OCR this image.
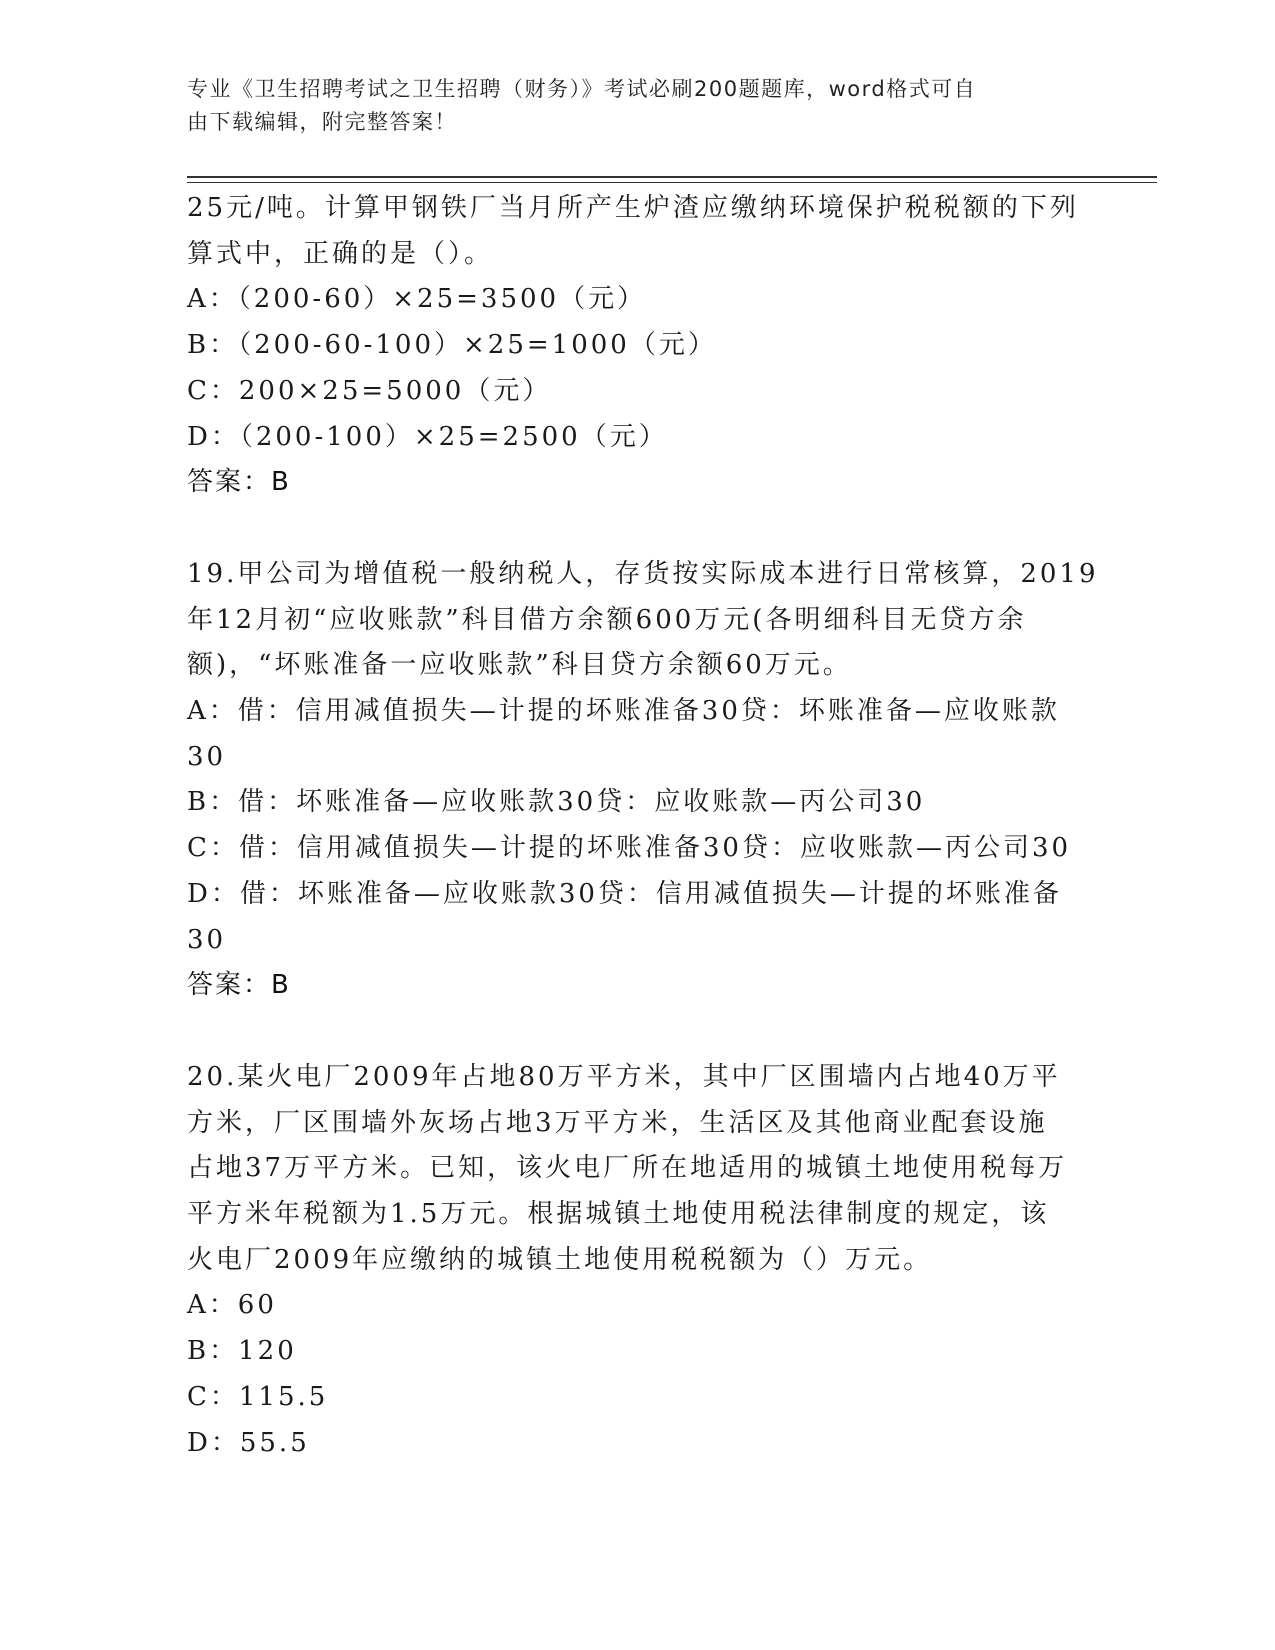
专业《卫生招聘考试之卫生招聘（财务）》考试必刷200题题库，word格式可自
由下载编辑，附完整答案！
25元/吨。计算甲钢铁厂当月所产生炉渣应缴纳环境保护税税额的下列
算式中，正确的是（）。
A：（200-60）×25=3500（元）
B：（200-60-100）×25=1000（元）
C：200×25=5000（元）
D：（200-100）×25=2500（元）
答案：B
19.甲公司为增值税一般纳税人，存货按实际成本进行日常核算，2019
年12月初“应收账款”科目借方余额600万元(各明细科目无贷方余
额)，“坏账准备一应收账款”科目贷方余额60万元。
A：借：信用减值损失—计提的坏账准备30贷：坏账准备—应收账款
30
B：借：坏账准备—应收账款30贷：应收账款—丙公司30
C：借：信用减值损失—计提的坏账准备30贷：应收账款—丙公司30
D：借：坏账准备—应收账款30贷：信用减值损失—计提的坏账准备
30
答案：B
20.某火电厂2009年占地80万平方米，其中厂区围墙内占地40万平
方米，厂区围墙外灰场占地3万平方米，生活区及其他商业配套设施
占地37万平方米。已知，该火电厂所在地适用的城镇土地使用税每万
平方米年税额为1.5万元。根据城镇土地使用税法律制度的规定，该
火电厂2009年应缴纳的城镇土地使用税税额为（）万元。
A：60
B：120
C：115.5
D：55.5
